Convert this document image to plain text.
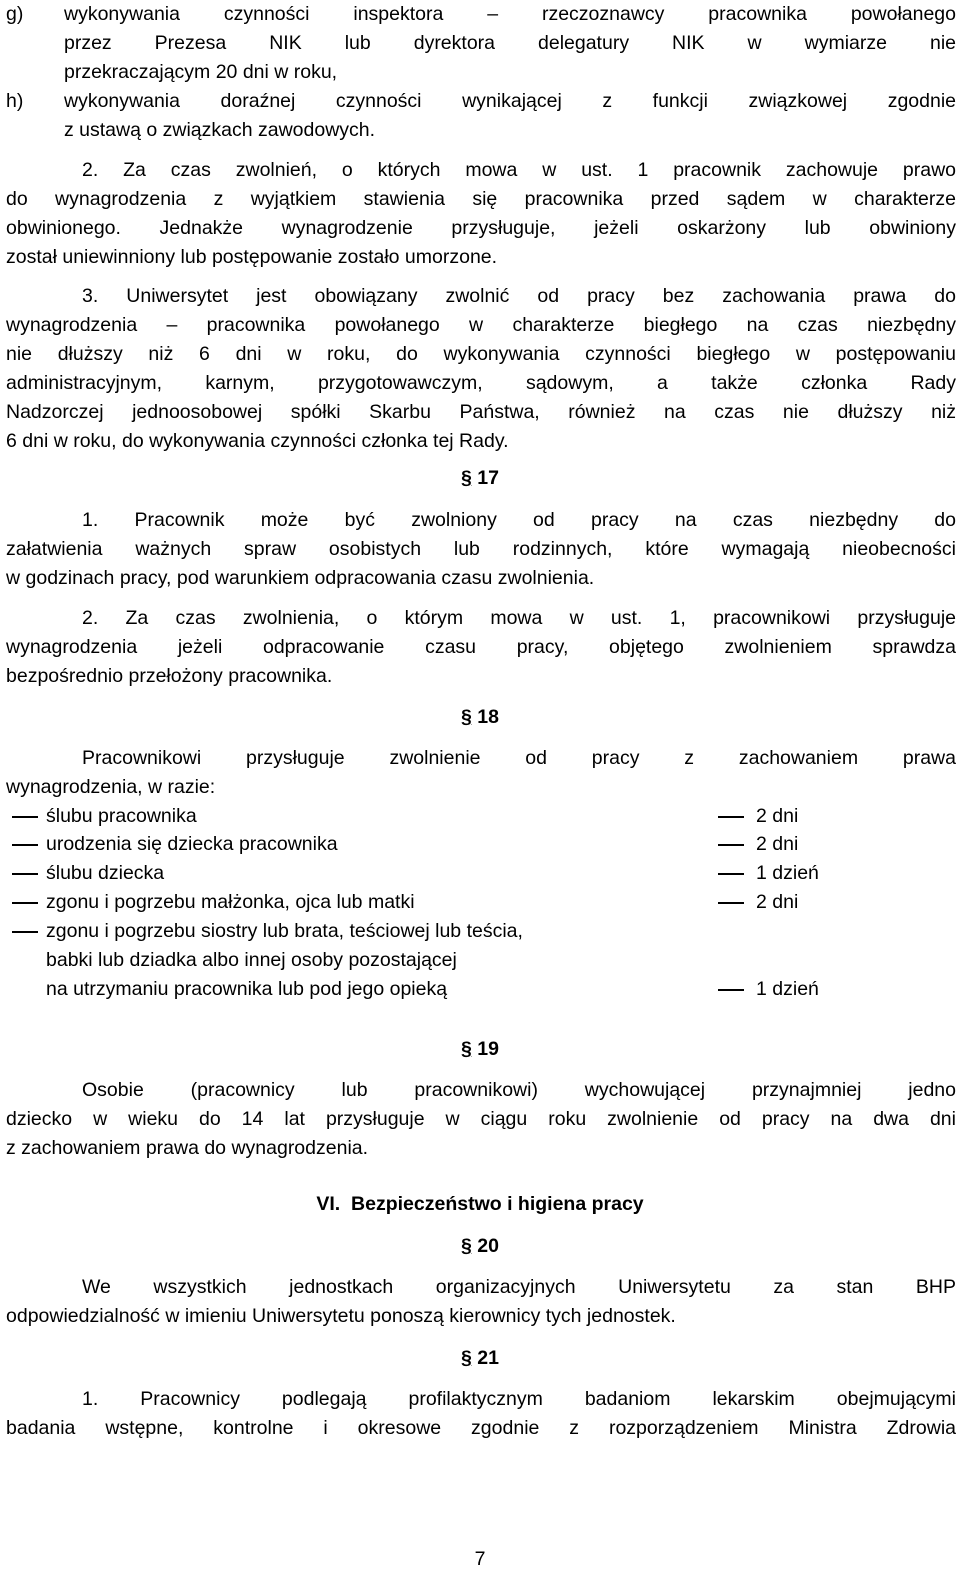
g) wykonywania czynności inspektora – rzeczoznawcy pracownika powołanego
przez Prezesa NIK lub dyrektora delegatury NIK w wymiarze nie
przekraczającym 20 dni w roku,
h) wykonywania doraźnej czynności wynikającej z funkcji związkowej zgodnie
z ustawą o związkach zawodowych.
2. Za czas zwolnień, o których mowa w ust. 1 pracownik zachowuje prawo
do wynagrodzenia z wyjątkiem stawienia się pracownika przed sądem w charakterze
obwinionego. Jednakże wynagrodzenie przysługuje, jeżeli oskarżony lub obwiniony
został uniewinniony lub postępowanie zostało umorzone.
3. Uniwersytet jest obowiązany zwolnić od pracy bez zachowania prawa do
wynagrodzenia – pracownika powołanego w charakterze biegłego na czas niezbędny
nie dłuższy niż 6 dni w roku, do wykonywania czynności biegłego w postępowaniu
administracyjnym, karnym, przygotowawczym, sądowym, a także członka Rady
Nadzorczej jednoosobowej spółki Skarbu Państwa, również na czas nie dłuższy niż
6 dni w roku, do wykonywania czynności członka tej Rady.
§ 17
1. Pracownik może być zwolniony od pracy na czas niezbędny do
załatwienia ważnych spraw osobistych lub rodzinnych, które wymagają nieobecności
w godzinach pracy, pod warunkiem odpracowania czasu zwolnienia.
2. Za czas zwolnienia, o którym mowa w ust. 1, pracownikowi przysługuje
wynagrodzenia jeżeli odpracowanie czasu pracy, objętego zwolnieniem sprawdza
bezpośrednio przełożony pracownika.
§ 18
Pracownikowi przysługuje zwolnienie od pracy z zachowaniem prawa
wynagrodzenia, w razie:
ślubu pracownika	2 dni
urodzenia się dziecka pracownika	2 dni
ślubu dziecka	1 dzień
zgonu i pogrzebu małżonka, ojca lub matki	2 dni
zgonu i pogrzebu siostry lub brata, teściowej lub teścia,
babki lub dziadka albo innej osoby pozostającej
na utrzymaniu pracownika lub pod jego opieką	1 dzień
§ 19
Osobie (pracownicy lub pracownikowi) wychowującej przynajmniej jedno
dziecko w wieku do 14 lat przysługuje w ciągu roku zwolnienie od pracy na dwa dni
z zachowaniem prawa do wynagrodzenia.
VI. Bezpieczeństwo i higiena pracy
§ 20
We wszystkich jednostkach organizacyjnych Uniwersytetu za stan BHP
odpowiedzialność w imieniu Uniwersytetu ponoszą kierownicy tych jednostek.
§ 21
1. Pracownicy podlegają profilaktycznym badaniom lekarskim obejmującymi
badania wstępne, kontrolne i okresowe zgodnie z rozporządzeniem Ministra Zdrowia
7
